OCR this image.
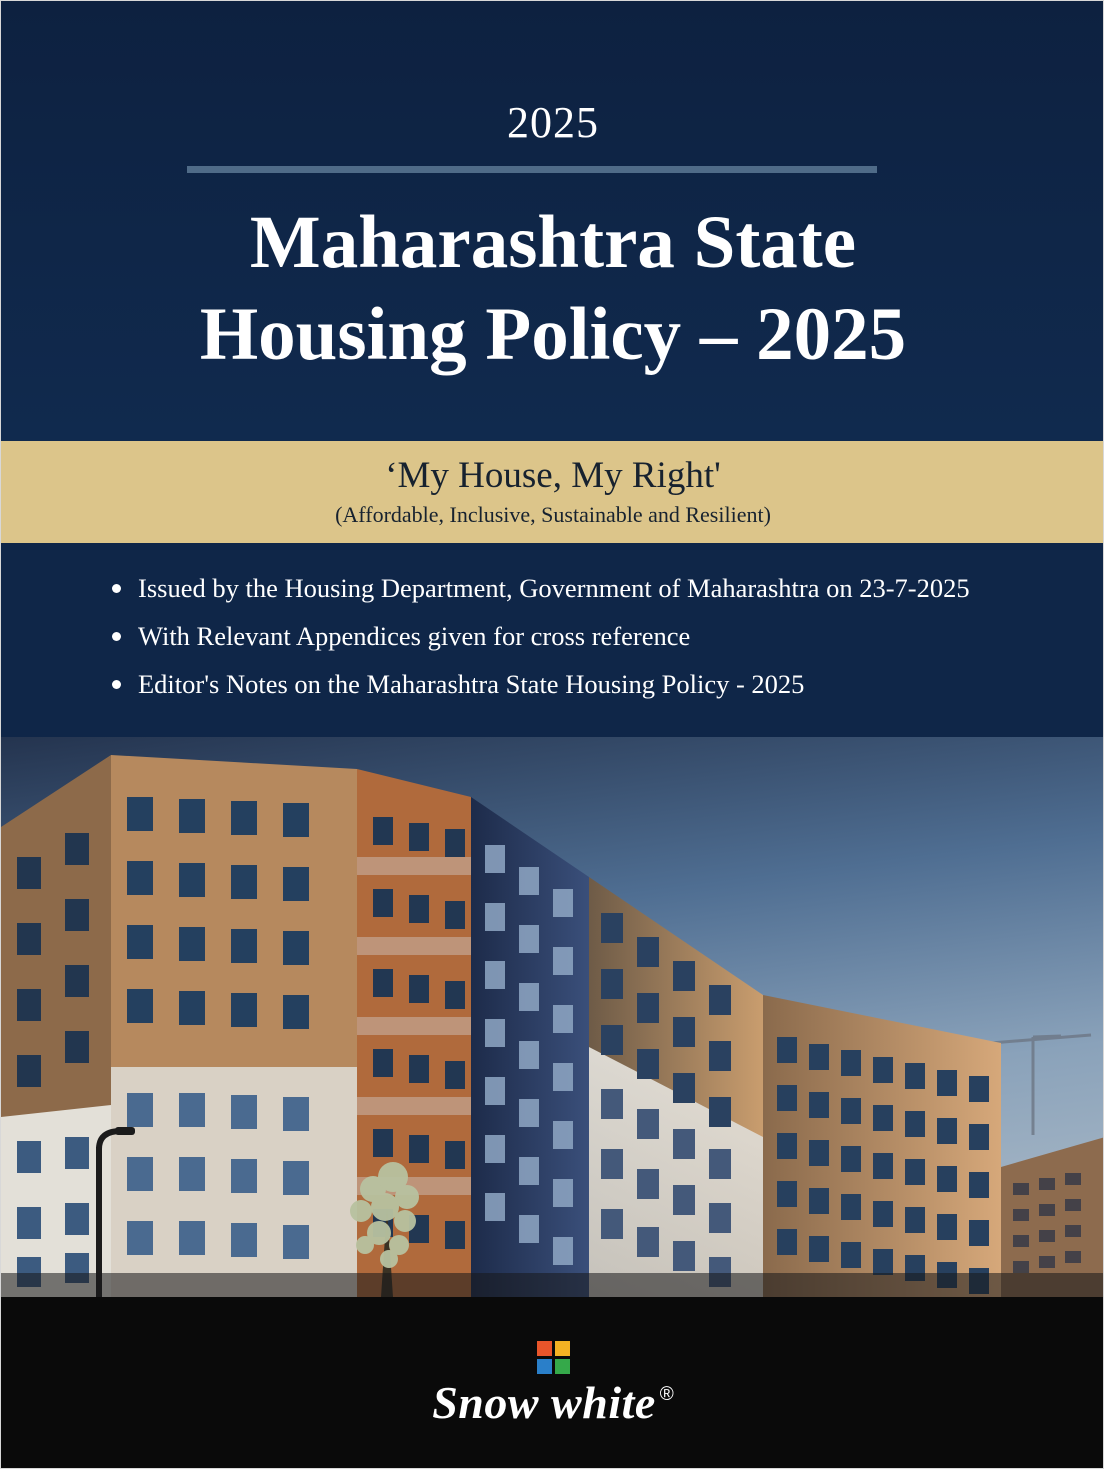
2025
Maharashtra State
Housing Policy – 2025
‘My House, My Right'
(Affordable, Inclusive, Sustainable and Resilient)
Issued by the Housing Department, Government of Maharashtra on 23-7-2025
With Relevant Appendices given for cross reference
Editor's Notes on the Maharashtra State Housing Policy - 2025
Snow white ®
